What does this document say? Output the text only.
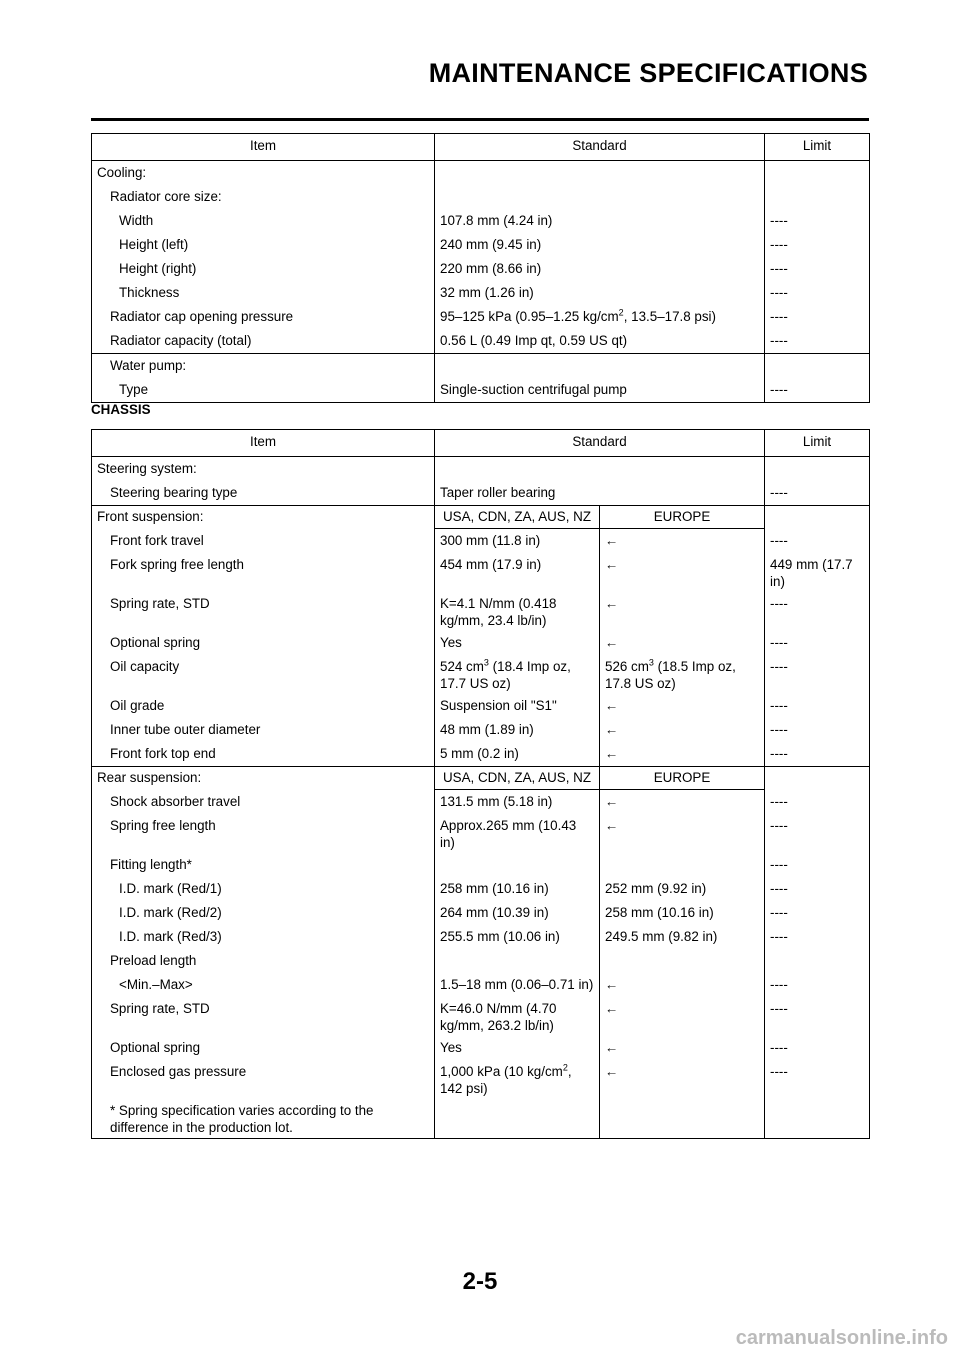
MAINTENANCE SPECIFICATIONS
Item	Standard	Limit
Cooling:		
Radiator core size:		
Width	107.8 mm (4.24 in)	----
Height (left)	240 mm (9.45 in)	----
Height (right)	220 mm (8.66 in)	----
Thickness	32 mm (1.26 in)	----
Radiator cap opening pressure	95–125 kPa (0.95–1.25 $kg/cm^2$, 13.5–17.8 psi)	----
Radiator capacity (total)	0.56 L (0.49 Imp qt, 0.59 US qt)	----
Water pump:		
Type	Single-suction centrifugal pump	----
CHASSIS
Item	Standard		Limit
Steering system:			
Steering bearing type	Taper roller bearing		----
Front suspension:	USA, CDN, ZA, AUS, NZ	EUROPE	
Front fork travel	300 mm (11.8 in)	←	----
Fork spring free length	454 mm (17.9 in)	←	449 mm (17.7 in)
Spring rate, STD	K=4.1 N/mm (0.418 kg/mm, 23.4 lb/in)	←	----
Optional spring	Yes	←	----
Oil capacity	524 $cm^3$ (18.4 Imp oz, 17.7 US oz)	526 $cm^3$ (18.5 Imp oz, 17.8 US oz)	----
Oil grade	Suspension oil "S1"	←	----
Inner tube outer diameter	48 mm (1.89 in)	←	----
Front fork top end	5 mm (0.2 in)	←	----
Rear suspension:	USA, CDN, ZA, AUS, NZ	EUROPE	
Shock absorber travel	131.5 mm (5.18 in)	←	----
Spring free length	Approx.265 mm (10.43 in)	←	----
Fitting length*			----
I.D. mark (Red/1)	258 mm (10.16 in)	252 mm (9.92 in)	----
I.D. mark (Red/2)	264 mm (10.39 in)	258 mm (10.16 in)	----
I.D. mark (Red/3)	255.5 mm (10.06 in)	249.5 mm (9.82 in)	----
Preload length			
<Min.–Max>	1.5–18 mm (0.06–0.71 in)	←	----
Spring rate, STD	K=46.0 N/mm (4.70 kg/mm, 263.2 lb/in)	←	----
Optional spring	Yes	←	----
Enclosed gas pressure	1,000 kPa (10 $kg/cm^2$, 142 psi)	←	----
* Spring specification varies according to the difference in the production lot.			
2-5
carmanualsonline.info
